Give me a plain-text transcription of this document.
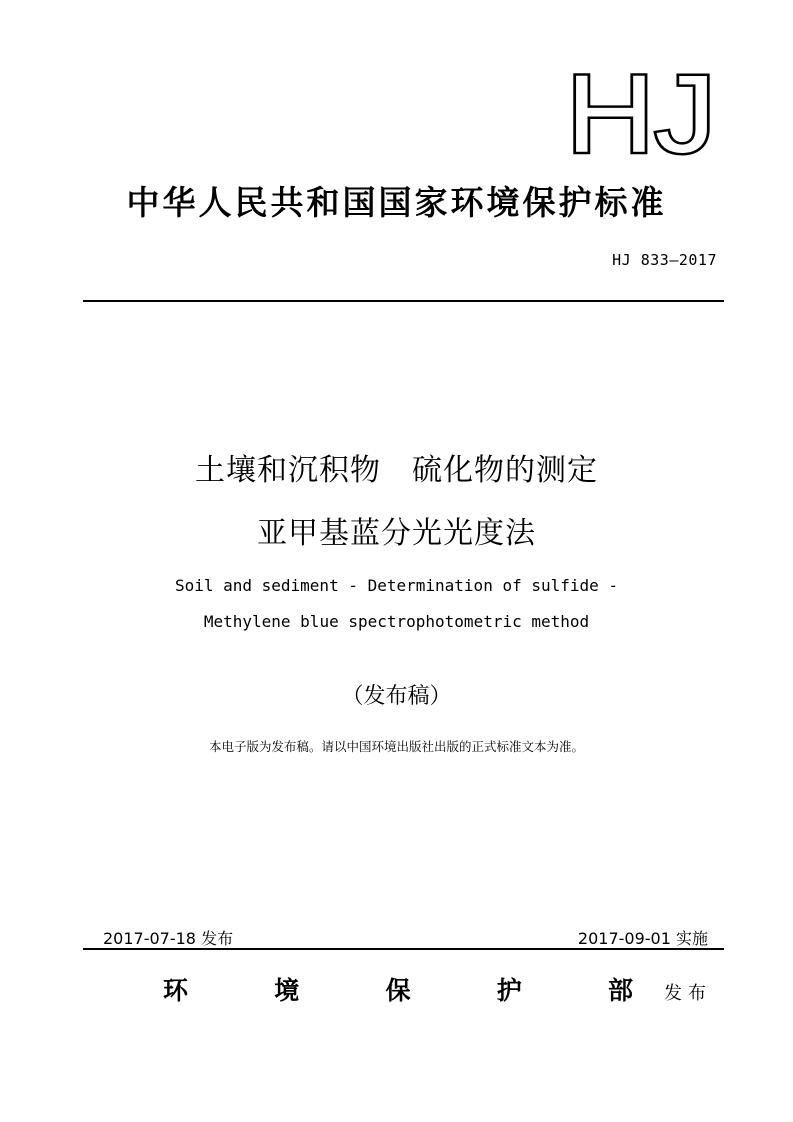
HJ
中华人民共和国国家环境保护标准
HJ 833—2017
土壤和沉积物　硫化物的测定
亚甲基蓝分光光度法
Soil and sediment - Determination of sulfide -
Methylene blue spectrophotometric method
（发布稿）
本电子版为发布稿。请以中国环境出版社出版的正式标准文本为准。
2017-07-18 发布	2017-09-01 实施
环	境	保	护	部 发布
